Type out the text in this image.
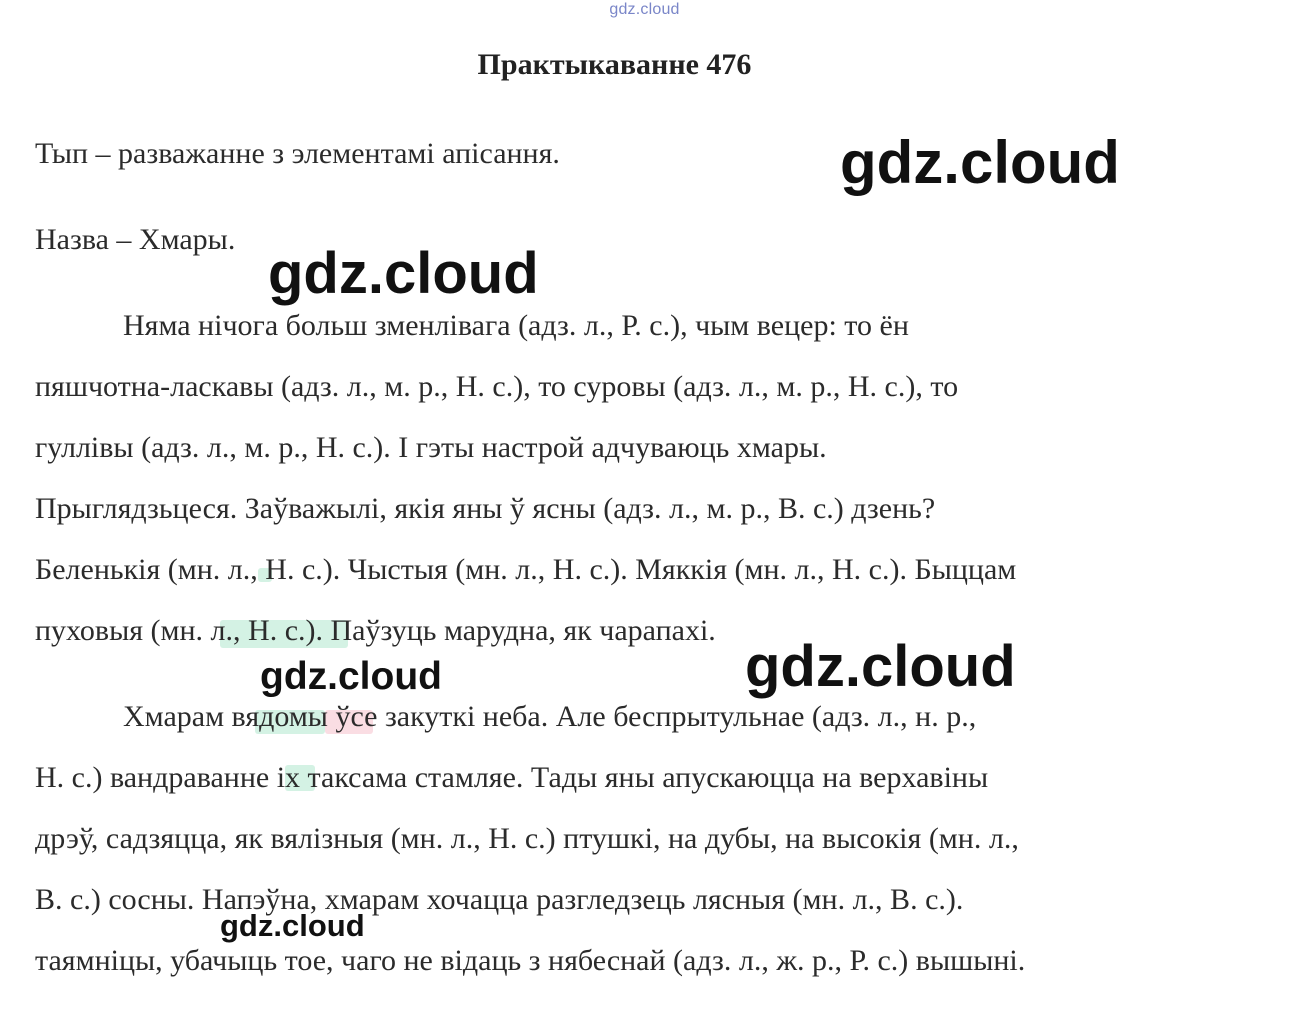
gdz.cloud
Практыкаванне 476
Тып – разважанне з элементамі апісання.
Назва – Хмары.
Няма нічога больш зменлівага (адз. л., Р. с.), чым вецер: то ён
пяшчотна-ласкавы (адз. л., м. р., Н. с.), то суровы (адз. л., м. р., Н. с.), то
гуллівы (адз. л., м. р., Н. с.). І гэты настрой адчуваюць хмары.
Прыглядзьцеся. Заўважылі, якія яны ў ясны (адз. л., м. р., В. с.) дзень?
Беленькія (мн. л., Н. с.). Чыстыя (мн. л., Н. с.). Мяккія (мн. л., Н. с.). Быццам
пуховыя (мн. л., Н. с.). Паўзуць марудна, як чарапахі.
Хмарам вядомы ўсе закуткі неба. Але беспрытульнае (адз. л., н. р.,
Н. с.) вандраванне іх таксама стамляе. Тады яны апускаюцца на верхавіны
дрэў, садзяцца, як вялізныя (мн. л., Н. с.) птушкі, на дубы, на высокія (мн. л.,
В. с.) сосны. Напэўна, хмарам хочацца разгледзець лясныя (мн. л., В. с.).
таямніцы, убачыць тое, чаго не відаць з нябеснай (адз. л., ж. р., Р. с.) вышыні.
gdz.cloud
gdz.cloud
gdz.cloud	gdz.cloud
gdz.cloud
